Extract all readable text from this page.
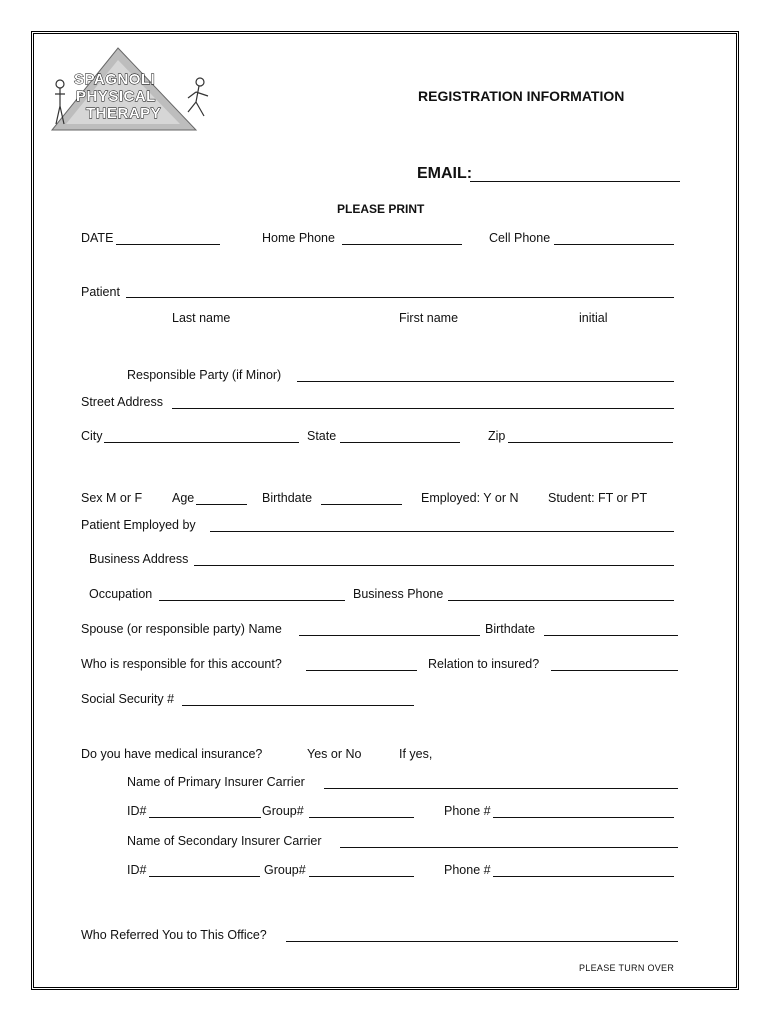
SPAGNOLI
PHYSICAL
THERAPY
REGISTRATION INFORMATION
EMAIL:
PLEASE PRINT
DATE	Home Phone	Cell Phone
Patient
Last name	First name	initial
Responsible Party (if Minor)
Street Address
City	State	Zip
Sex M or F Age	Birthdate	Employed: Y or N Student: FT or PT
Patient Employed by
Business Address
Occupation	Business Phone
Spouse (or responsible party) Name	Birthdate
Who is responsible for this account?	Relation to insured?
Social Security #
Do you have medical insurance?	Yes or No	If yes,
Name of Primary Insurer Carrier
ID#	Group#	Phone #
Name of Secondary Insurer Carrier
ID#	Group#	Phone #
Who Referred You to This Office?
PLEASE TURN OVER
